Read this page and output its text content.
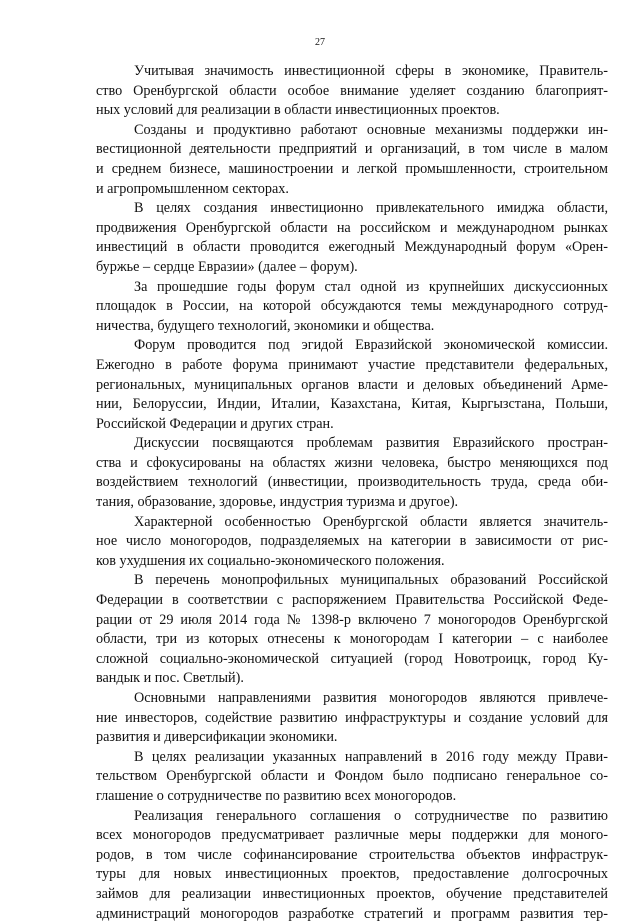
27

Учитывая значимость инвестиционной сферы в экономике, Правитель-
ство Оренбургской области особое внимание уделяет созданию благоприят-
ных условий для реализации в области инвестиционных проектов.

Созданы и продуктивно работают основные механизмы поддержки ин-
вестиционной деятельности предприятий и организаций, в том числе в малом
и среднем бизнесе, машиностроении и легкой промышленности, строительном
и агропромышленном секторах.

В целях создания инвестиционно привлекательного имиджа области,
продвижения Оренбургской области на российском и международном рынках
инвестиций в области проводится ежегодный Международный форум «Орен-
буржье – сердце Евразии» (далее – форум).

За прошедшие годы форум стал одной из крупнейших дискуссионных
площадок в России, на которой обсуждаются темы международного сотруд-
ничества, будущего технологий, экономики и общества.

Форум проводится под эгидой Евразийской экономической комиссии.
Ежегодно в работе форума принимают участие представители федеральных,
региональных, муниципальных органов власти и деловых объединений Арме-
нии, Белоруссии, Индии, Италии, Казахстана, Китая, Кыргызстана, Польши,
Российской Федерации и других стран.

Дискуссии посвящаются проблемам развития Евразийского простран-
ства и сфокусированы на областях жизни человека, быстро меняющихся под
воздействием технологий (инвестиции, производительность труда, среда оби-
тания, образование, здоровье, индустрия туризма и другое).

Характерной особенностью Оренбургской области является значитель-
ное число моногородов, подразделяемых на категории в зависимости от рис-
ков ухудшения их социально-экономического положения.

В перечень монопрофильных муниципальных образований Российской
Федерации в соответствии с распоряжением Правительства Российской Феде-
рации от 29 июля 2014 года № 1398-р включено 7 моногородов Оренбургской
области, три из которых отнесены к моногородам I категории – с наиболее
сложной социально-экономической ситуацией (город Новотроицк, город Ку-
вандык и пос. Светлый).

Основными направлениями развития моногородов являются привлече-
ние инвесторов, содействие развитию инфраструктуры и создание условий для
развития и диверсификации экономики.

В целях реализации указанных направлений в 2016 году между Прави-
тельством Оренбургской области и Фондом было подписано генеральное со-
глашение о сотрудничестве по развитию всех моногородов.

Реализация генерального соглашения о сотрудничестве по развитию
всех моногородов предусматривает различные меры поддержки для моного-
родов, в том числе софинансирование строительства объектов инфраструк-
туры для новых инвестиционных проектов, предоставление долгосрочных
займов для реализации инвестиционных проектов, обучение представителей
администраций моногородов разработке стратегий и программ развития тер-
